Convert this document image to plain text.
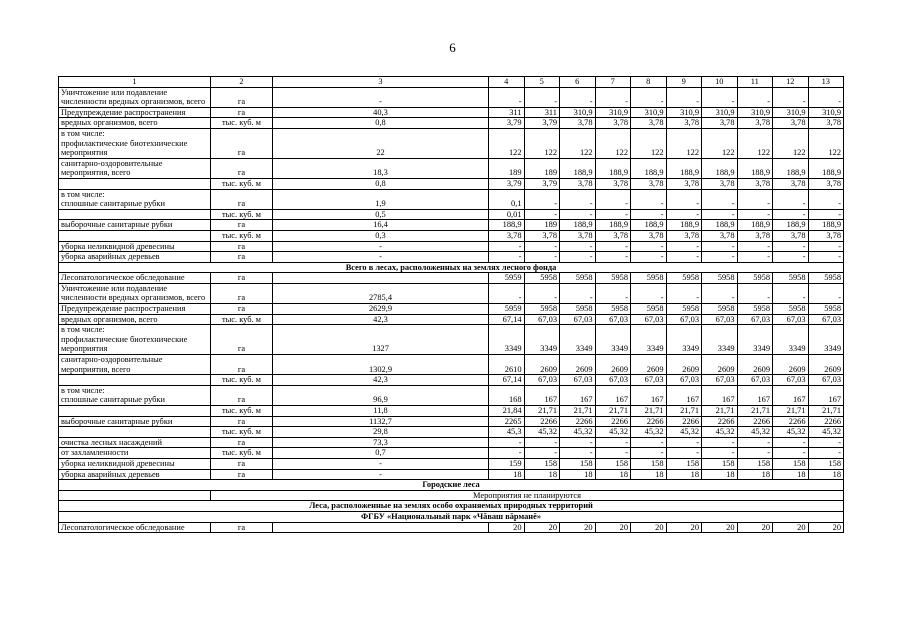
6
1	2	3	4	5	6	7	8	9	10	11	12	13

Уничтожение или подавление численности вредных организмов, всего	га	-	-	-	-	-	-	-	-	-	-	-

Предупреждение распространения	га	40,3	311	311	310,9	310,9	310,9	310,9	310,9	310,9	310,9	310,9

вредных организмов, всего	тыс. куб. м	0,8	3,79	3,79	3,78	3,78	3,78	3,78	3,78	3,78	3,78	3,78

в том числе:
профилактические биотехнические мероприятия	га	22	122	122	122	122	122	122	122	122	122	122

санитарно-оздоровительные мероприятия, всего	га	18,3	189	189	188,9	188,9	188,9	188,9	188,9	188,9	188,9	188,9

	тыс. куб. м	0,8	3,79	3,79	3,78	3,78	3,78	3,78	3,78	3,78	3,78	3,78

в том числе:
сплошные санитарные рубки	га	1,9	0,1	-	-	-	-	-	-	-	-	-

	тыс. куб. м	0,5	0,01	-	-	-	-	-	-	-	-	-

выборочные санитарные рубки	га	16,4	188,9	189	188,9	188,9	188,9	188,9	188,9	188,9	188,9	188,9

	тыс. куб. м	0,3	3,78	3,78	3,78	3,78	3,78	3,78	3,78	3,78	3,78	3,78

уборка неликвидной древесины	га	-	-	-	-	-	-	-	-	-	-	-

уборка аварийных деревьев	га	-	-	-	-	-	-	-	-	-	-	-
Всего в лесах, расположенных на землях лесного фонда												

Лесопатологическое обследование	га		5959	5958	5958	5958	5958	5958	5958	5958	5958	5958

Уничтожение или подавление численности вредных организмов, всего	га	2785,4	-	-	-	-	-	-	-	-	-	-

Предупреждение распространения	га	2629,9	5959	5958	5958	5958	5958	5958	5958	5958	5958	5958

вредных организмов, всего	тыс. куб. м	42,3	67,14	67,03	67,03	67,03	67,03	67,03	67,03	67,03	67,03	67,03

в том числе:
профилактические биотехнические мероприятия	га	1327	3349	3349	3349	3349	3349	3349	3349	3349	3349	3349

санитарно-оздоровительные мероприятия, всего	га	1302,9	2610	2609	2609	2609	2609	2609	2609	2609	2609	2609

	тыс. куб. м	42,3	67,14	67,03	67,03	67,03	67,03	67,03	67,03	67,03	67,03	67,03

в том числе:
сплошные санитарные рубки	га	96,9	168	167	167	167	167	167	167	167	167	167

	тыс. куб. м	11,8	21,84	21,71	21,71	21,71	21,71	21,71	21,71	21,71	21,71	21,71

выборочные санитарные рубки	га	1132,7	2265	2266	2266	2266	2266	2266	2266	2266	2266	2266

	тыс. куб. м	29,8	45,3	45,32	45,32	45,32	45,32	45,32	45,32	45,32	45,32	45,32

очистка лесных насаждений	га	73,3	-	-	-	-	-	-	-	-	-	-

от захламленности	тыс. куб. м	0,7	-	-	-	-	-	-	-	-	-	-

уборка неликвидной древесины	га	-	159	158	158	158	158	158	158	158	158	158

уборка аварийных деревьев	га	-	18	18	18	18	18	18	18	18	18	18
Городские леса												
	Мероприятия не планируются											
Леса, расположенные на землях особо охраняемых природных территорий												
ФГБУ «Национальный парк «Чăваш вăрманĕ»												

Лесопатологическое обследование	га		20	20	20	20	20	20	20	20	20	20
